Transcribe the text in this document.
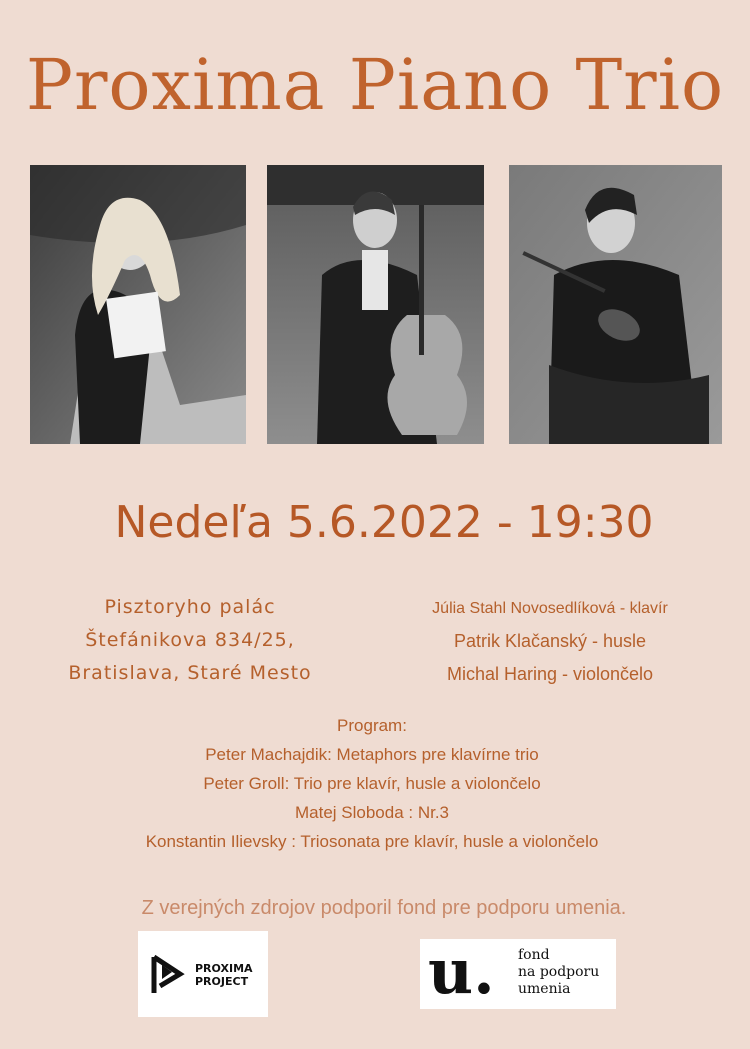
Proxima Piano Trio
Nedeľa 5.6.2022 - 19:30
Pisztoryho palác
Štefánikova 834/25,
Bratislava, Staré Mesto
Júlia Stahl Novosedlíková - klavír
Patrik Klačanský - husle
Michal Haring - violončelo
Program:
Peter Machajdik: Metaphors pre klavírne trio
Peter Groll: Trio pre klavír, husle a violončelo
Matej Sloboda : Nr.3
Konstantin Ilievsky : Triosonata pre klavír, husle a violončelo
Z verejných zdrojov podporil fond pre podporu umenia.
PROXIMA
PROJECT	u. fond
na podporu
umenia
